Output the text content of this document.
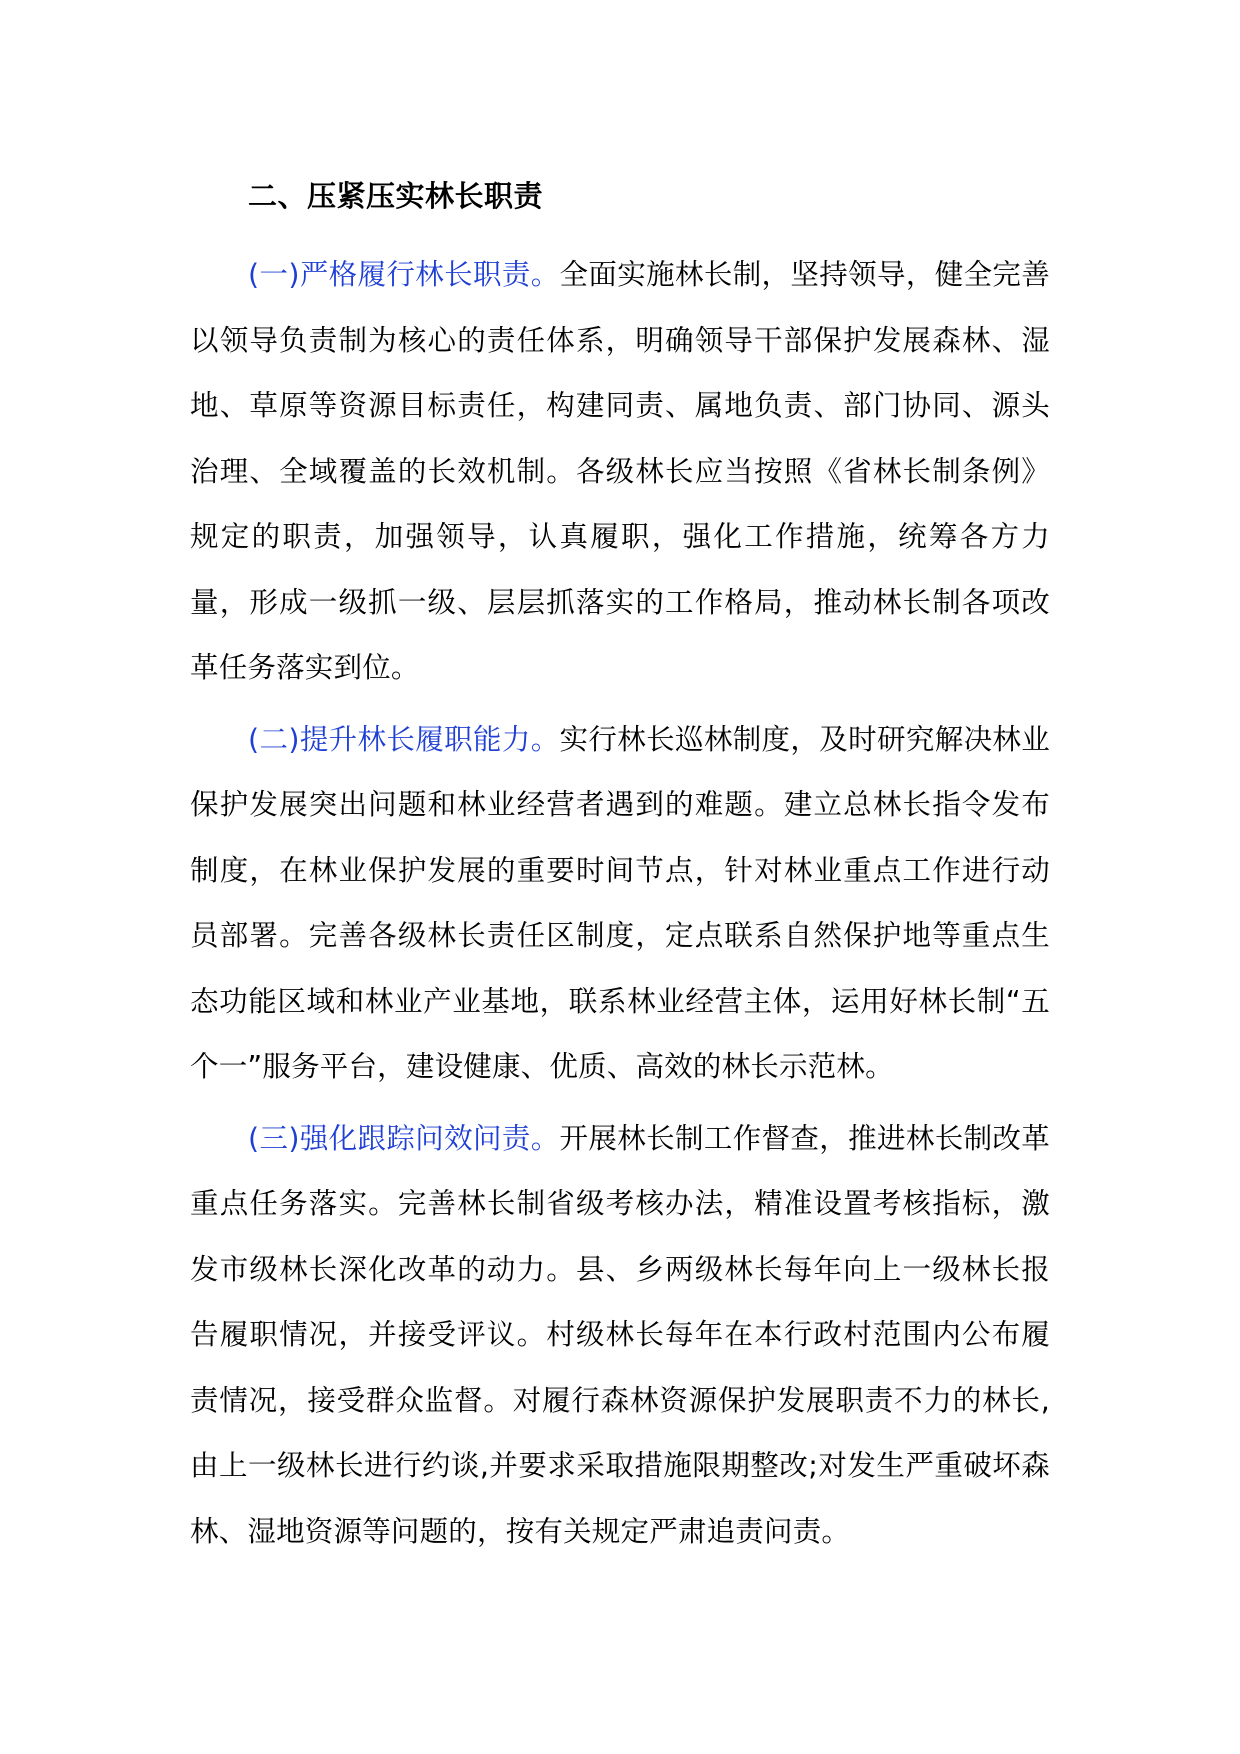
二、压紧压实林长职责

(一)严格履行林长职责。全面实施林长制，坚持领导，健全完善以领导负责制为核心的责任体系，明确领导干部保护发展森林、湿地、草原等资源目标责任，构建同责、属地负责、部门协同、源头治理、全域覆盖的长效机制。各级林长应当按照《省林长制条例》规定的职责，加强领导，认真履职，强化工作措施，统筹各方力量，形成一级抓一级、层层抓落实的工作格局，推动林长制各项改革任务落实到位。

(二)提升林长履职能力。实行林长巡林制度，及时研究解决林业保护发展突出问题和林业经营者遇到的难题。建立总林长指令发布制度，在林业保护发展的重要时间节点，针对林业重点工作进行动员部署。完善各级林长责任区制度，定点联系自然保护地等重点生态功能区域和林业产业基地，联系林业经营主体，运用好林长制“五个一”服务平台，建设健康、优质、高效的林长示范林。

(三)强化跟踪问效问责。开展林长制工作督查，推进林长制改革重点任务落实。完善林长制省级考核办法，精准设置考核指标，激发市级林长深化改革的动力。县、乡两级林长每年向上一级林长报告履职情况，并接受评议。村级林长每年在本行政村范围内公布履责情况，接受群众监督。对履行森林资源保护发展职责不力的林长,由上一级林长进行约谈,并要求采取措施限期整改;对发生严重破坏森林、湿地资源等问题的，按有关规定严肃追责问责。
